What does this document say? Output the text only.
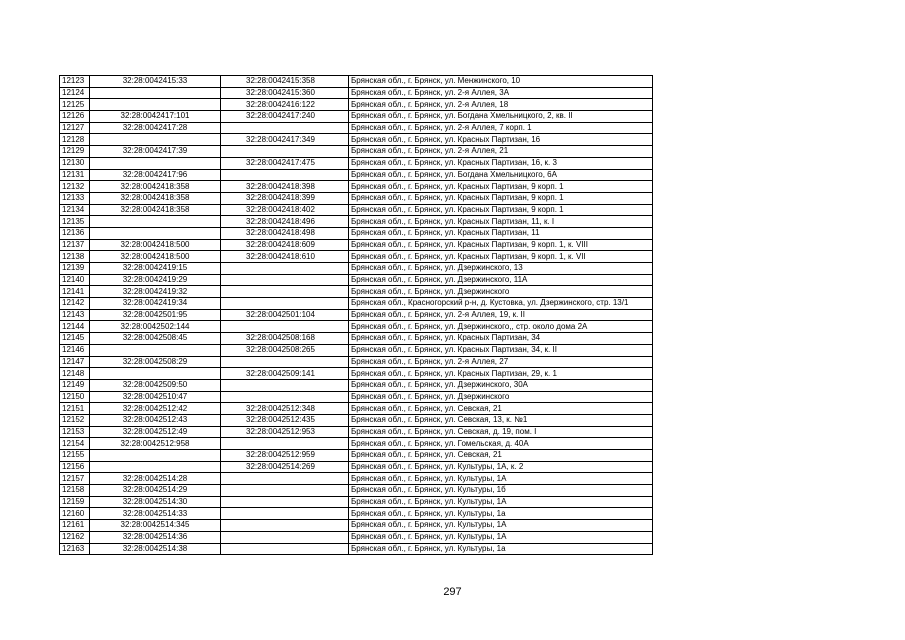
12123	32:28:0042415:33	32:28:0042415:358	Брянская обл., г. Брянск, ул. Менжинского, 10
12124		32:28:0042415:360	Брянская обл., г. Брянск, ул. 2-я Аллея, 3А
12125		32:28:0042416:122	Брянская обл., г. Брянск, ул. 2-я Аллея, 18
12126	32:28:0042417:101	32:28:0042417:240	Брянская обл., г. Брянск, ул. Богдана Хмельницкого, 2, кв. II
12127	32:28:0042417:28		Брянская обл., г. Брянск, ул. 2-я Аллея, 7 корп. 1
12128		32:28:0042417:349	Брянская обл., г. Брянск, ул. Красных Партизан, 16
12129	32:28:0042417:39		Брянская обл., г. Брянск, ул. 2-я Аллея, 21
12130		32:28:0042417:475	Брянская обл., г. Брянск, ул. Красных Партизан, 16, к. 3
12131	32:28:0042417:96		Брянская обл., г. Брянск, ул. Богдана Хмельницкого, 6А
12132	32:28:0042418:358	32:28:0042418:398	Брянская обл., г. Брянск, ул. Красных Партизан, 9 корп. 1
12133	32:28:0042418:358	32:28:0042418:399	Брянская обл., г. Брянск, ул. Красных Партизан, 9 корп. 1
12134	32:28:0042418:358	32:28:0042418:402	Брянская обл., г. Брянск, ул. Красных Партизан, 9 корп. 1
12135		32:28:0042418:496	Брянская обл., г. Брянск, ул. Красных Партизан, 11, к. I
12136		32:28:0042418:498	Брянская обл., г. Брянск, ул. Красных Партизан, 11
12137	32:28:0042418:500	32:28:0042418:609	Брянская обл., г. Брянск, ул. Красных Партизан, 9 корп. 1, к. VIII
12138	32:28:0042418:500	32:28:0042418:610	Брянская обл., г. Брянск, ул. Красных Партизан, 9 корп. 1, к. VII
12139	32:28:0042419:15		Брянская обл., г. Брянск, ул. Дзержинского, 13
12140	32:28:0042419:29		Брянская обл., г. Брянск, ул. Дзержинского, 11А
12141	32:28:0042419:32		Брянская обл., г. Брянск, ул. Дзержинского
12142	32:28:0042419:34		Брянская обл., Красногорский р-н, д. Кустовка, ул. Дзержинского, стр. 13/1
12143	32:28:0042501:95	32:28:0042501:104	Брянская обл., г. Брянск, ул. 2-я Аллея, 19, к. II
12144	32:28:0042502:144		Брянская обл., г. Брянск, ул. Дзержинского,, стр. около дома 2А
12145	32:28:0042508:45	32:28:0042508:168	Брянская обл., г. Брянск, ул. Красных Партизан, 34
12146		32:28:0042508:265	Брянская обл., г. Брянск, ул. Красных Партизан, 34, к. II
12147	32:28:0042508:29		Брянская обл., г. Брянск, ул. 2-я Аллея, 27
12148		32:28:0042509:141	Брянская обл., г. Брянск, ул. Красных Партизан, 29, к. 1
12149	32:28:0042509:50		Брянская обл., г. Брянск, ул. Дзержинского, 30А
12150	32:28:0042510:47		Брянская обл., г. Брянск, ул. Дзержинского
12151	32:28:0042512:42	32:28:0042512:348	Брянская обл., г. Брянск, ул. Севская, 21
12152	32:28:0042512:43	32:28:0042512:435	Брянская обл., г. Брянск, ул. Севская, 13, к. №1
12153	32:28:0042512:49	32:28:0042512:953	Брянская обл., г. Брянск, ул. Севская, д. 19, пом. I
12154	32:28:0042512:958		Брянская обл., г. Брянск, ул. Гомельская, д. 40А
12155		32:28:0042512:959	Брянская обл., г. Брянск, ул. Севская, 21
12156		32:28:0042514:269	Брянская обл., г. Брянск, ул. Культуры, 1А, к. 2
12157	32:28:0042514:28		Брянская обл., г. Брянск, ул. Культуры, 1А
12158	32:28:0042514:29		Брянская обл., г. Брянск, ул. Культуры, 1б
12159	32:28:0042514:30		Брянская обл., г. Брянск, ул. Культуры, 1А
12160	32:28:0042514:33		Брянская обл., г. Брянск, ул. Культуры, 1а
12161	32:28:0042514:345		Брянская обл., г. Брянск, ул. Культуры, 1А
12162	32:28:0042514:36		Брянская обл., г. Брянск, ул. Культуры, 1А
12163	32:28:0042514:38		Брянская обл., г. Брянск, ул. Культуры, 1а
297
